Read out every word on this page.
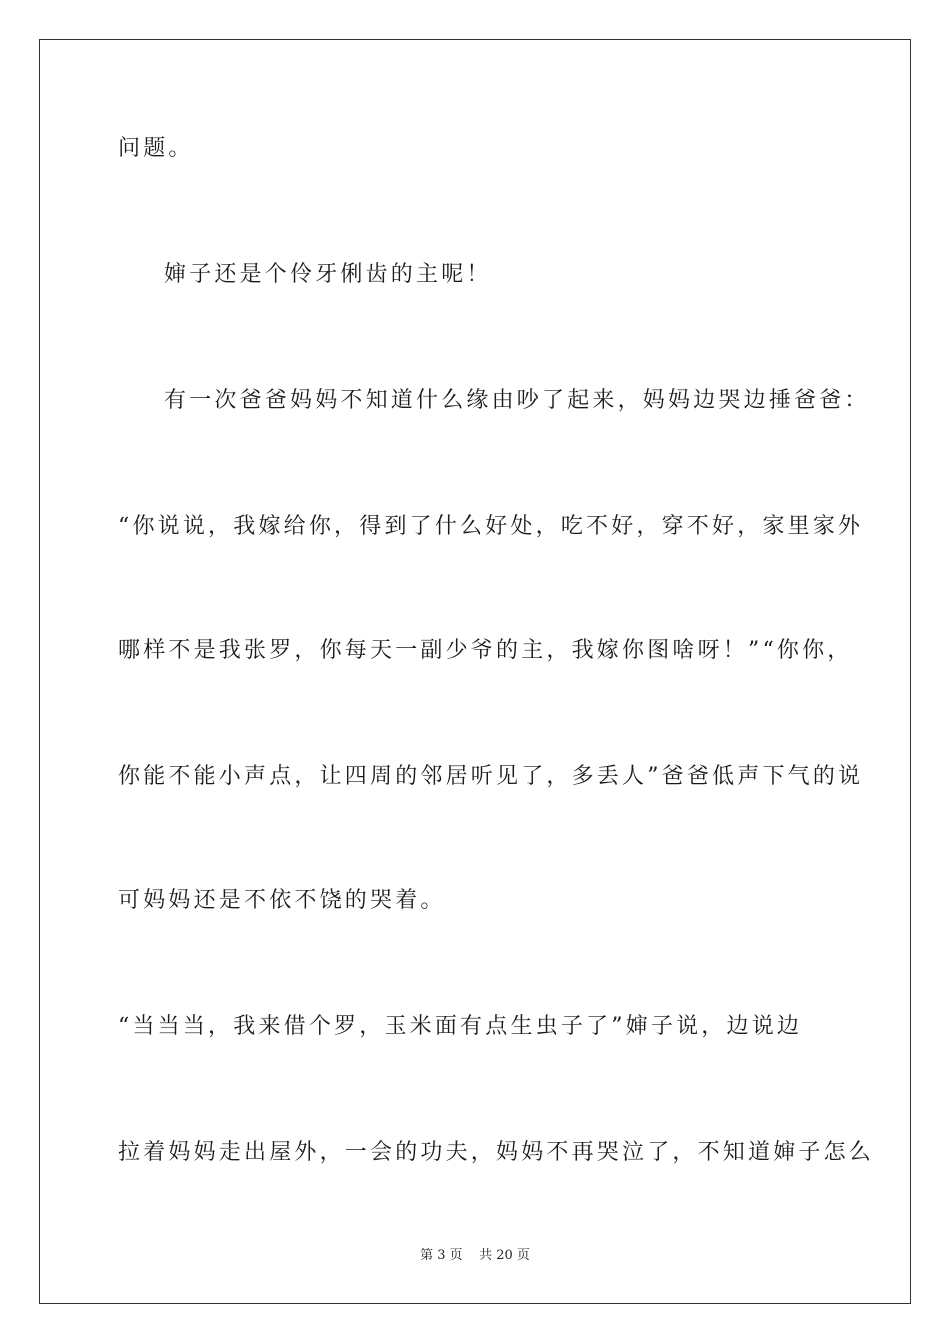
问题。
婶子还是个伶牙俐齿的主呢！
有一次爸爸妈妈不知道什么缘由吵了起来，妈妈边哭边捶爸爸：
“你说说，我嫁给你，得到了什么好处，吃不好，穿不好，家里家外
哪样不是我张罗，你每天一副少爷的主，我嫁你图啥呀！”“你你，
你能不能小声点，让四周的邻居听见了，多丢人”爸爸低声下气的说
可妈妈还是不依不饶的哭着。
“当当当，我来借个罗，玉米面有点生虫子了”婶子说，边说边
拉着妈妈走出屋外，一会的功夫，妈妈不再哭泣了，不知道婶子怎么
第 3 页    共 20 页
